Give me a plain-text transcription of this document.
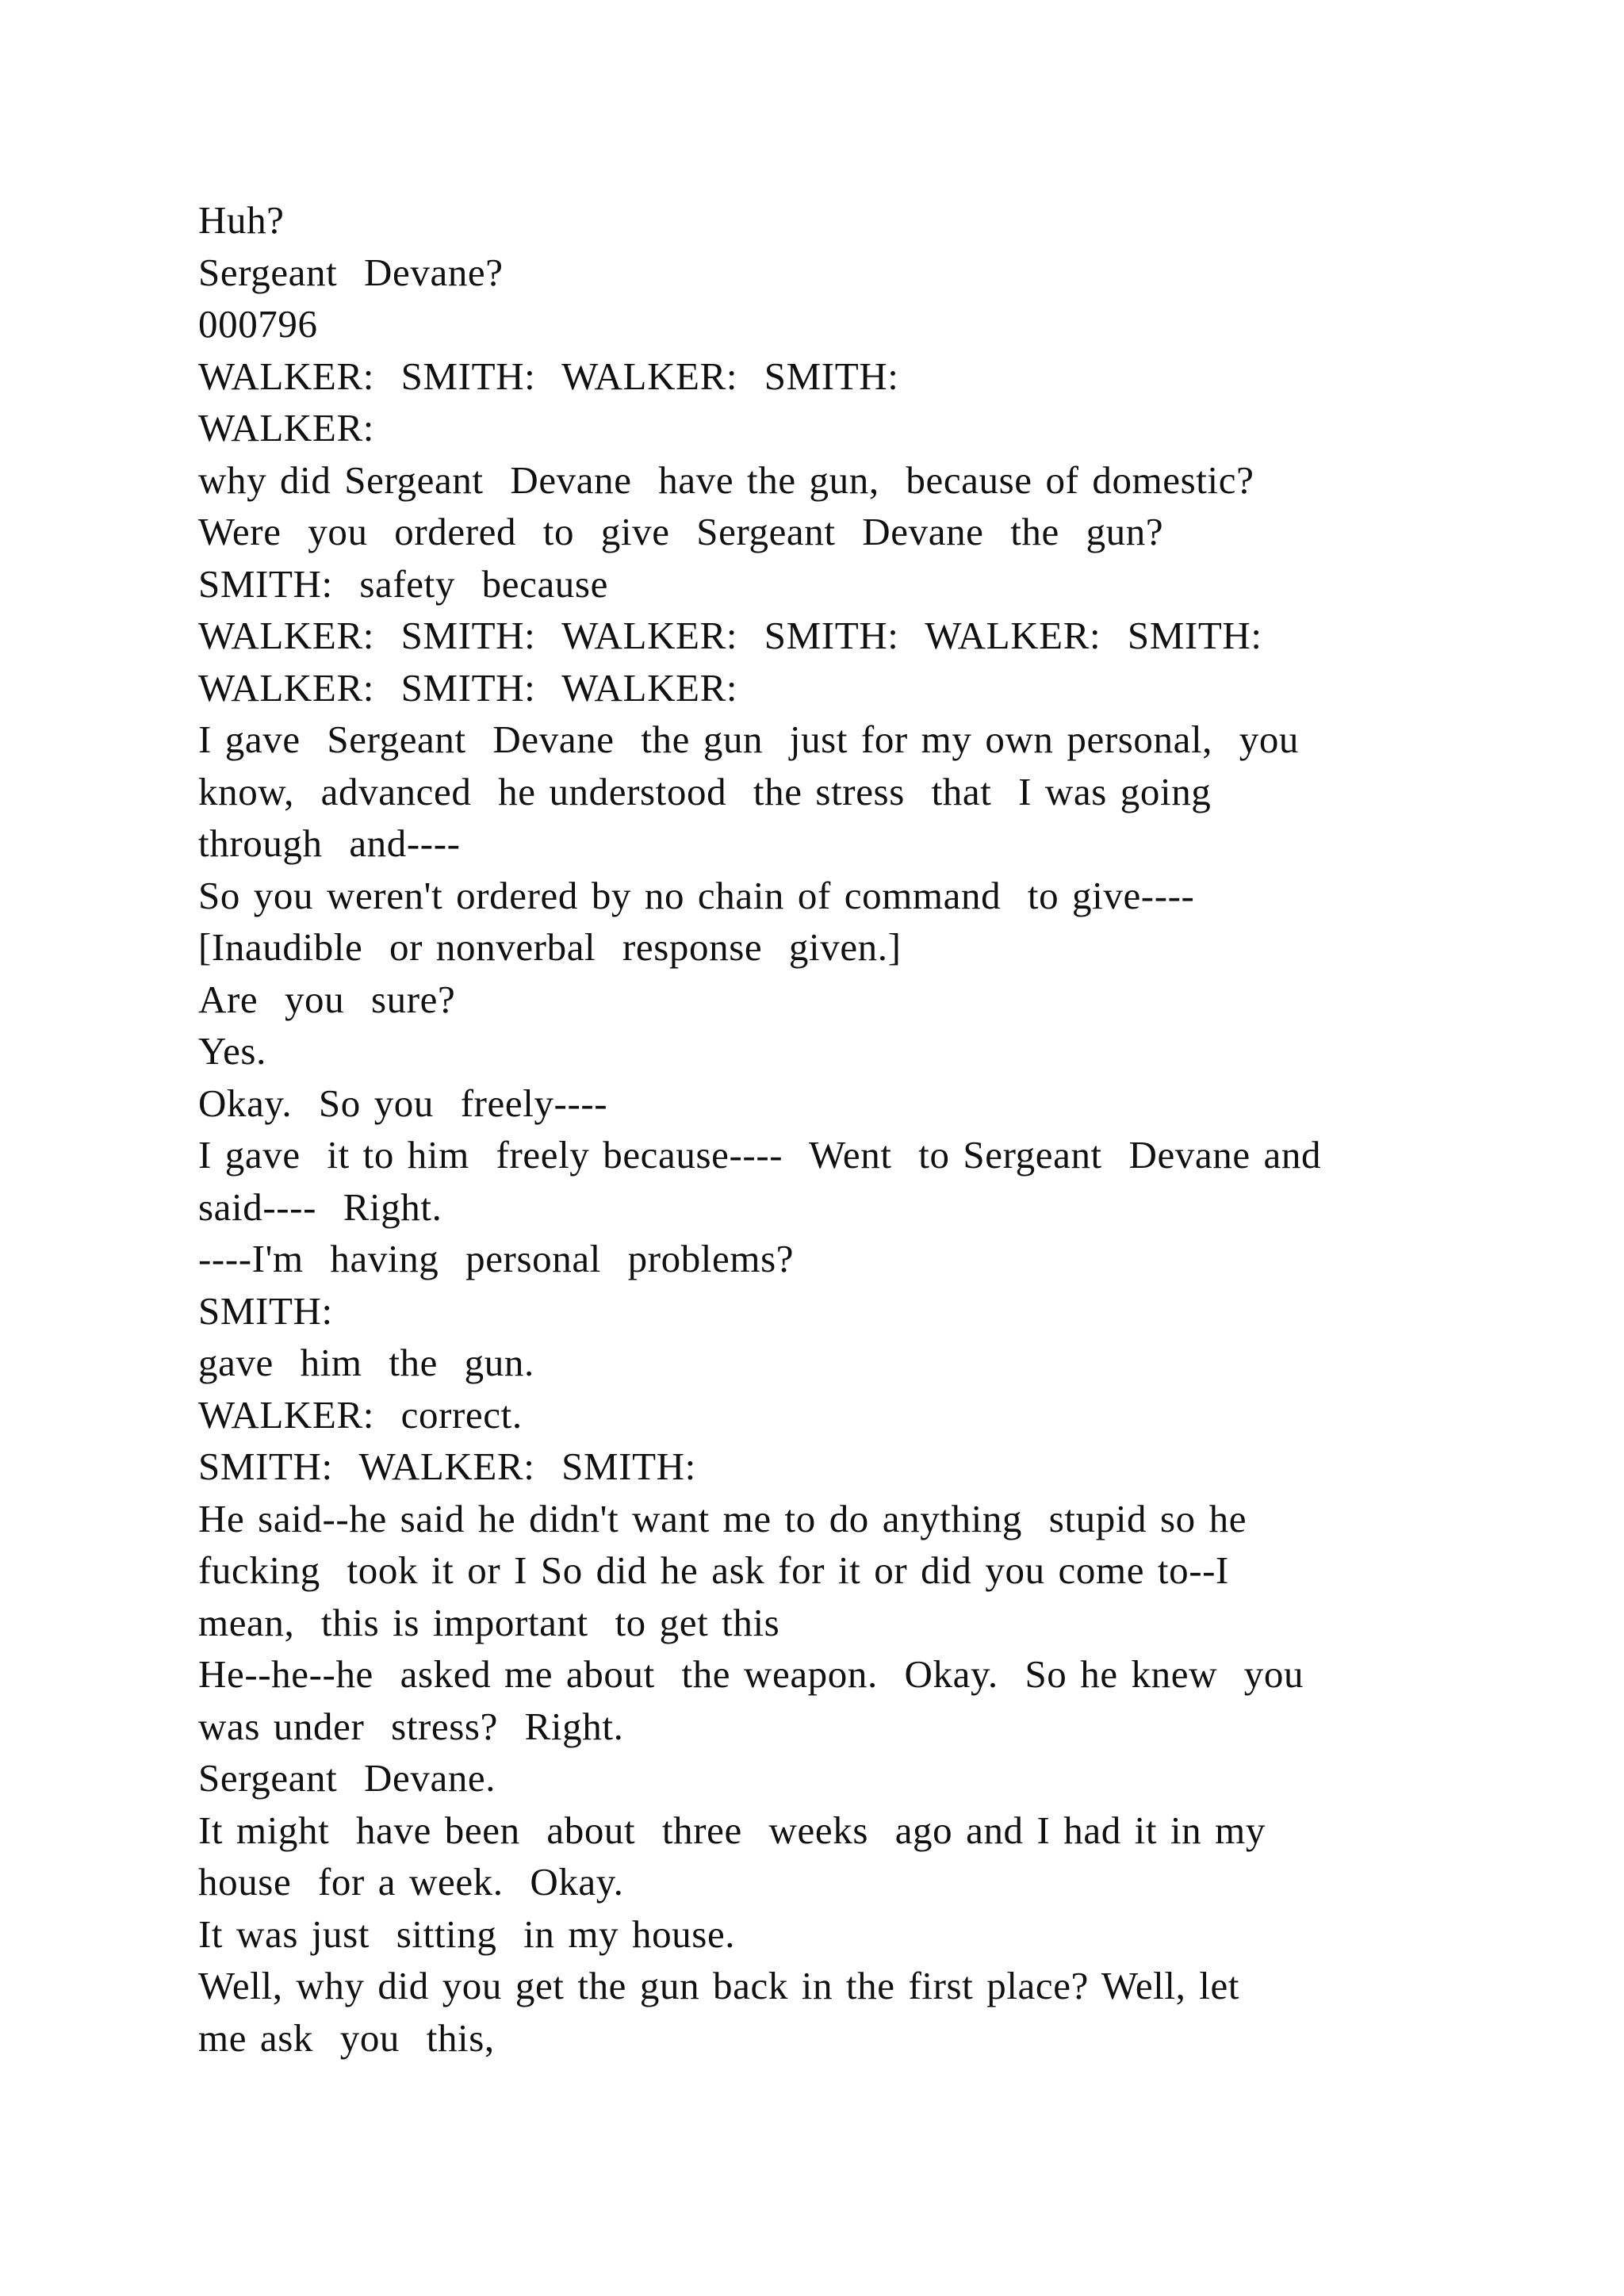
Huh?
Sergeant  Devane?
000796
WALKER:  SMITH:  WALKER:  SMITH:
WALKER:
why did Sergeant  Devane  have the gun,  because of domestic?
Were  you  ordered  to  give  Sergeant  Devane  the  gun?
SMITH:  safety  because
WALKER:  SMITH:  WALKER:  SMITH:  WALKER:  SMITH:
WALKER:  SMITH:  WALKER:
I gave  Sergeant  Devane  the gun  just for my own personal,  you
know,  advanced  he understood  the stress  that  I was going
through  and----
So you weren't ordered by no chain of command  to give----
[Inaudible  or nonverbal  response  given.]
Are  you  sure?
Yes.
Okay.  So you  freely----
I gave  it to him  freely because----  Went  to Sergeant  Devane and
said----  Right.
----I'm  having  personal  problems?
SMITH:
gave  him  the  gun.
WALKER:  correct.
SMITH:  WALKER:  SMITH:
He said--he said he didn't want me to do anything  stupid so he
fucking  took it or I So did he ask for it or did you come to--I
mean,  this is important  to get this
He--he--he  asked me about  the weapon.  Okay.  So he knew  you
was under  stress?  Right.
Sergeant  Devane.
It might  have been  about  three  weeks  ago and I had it in my
house  for a week.  Okay.
It was just  sitting  in my house.
Well, why did you get the gun back in the first place? Well, let
me ask  you  this,
